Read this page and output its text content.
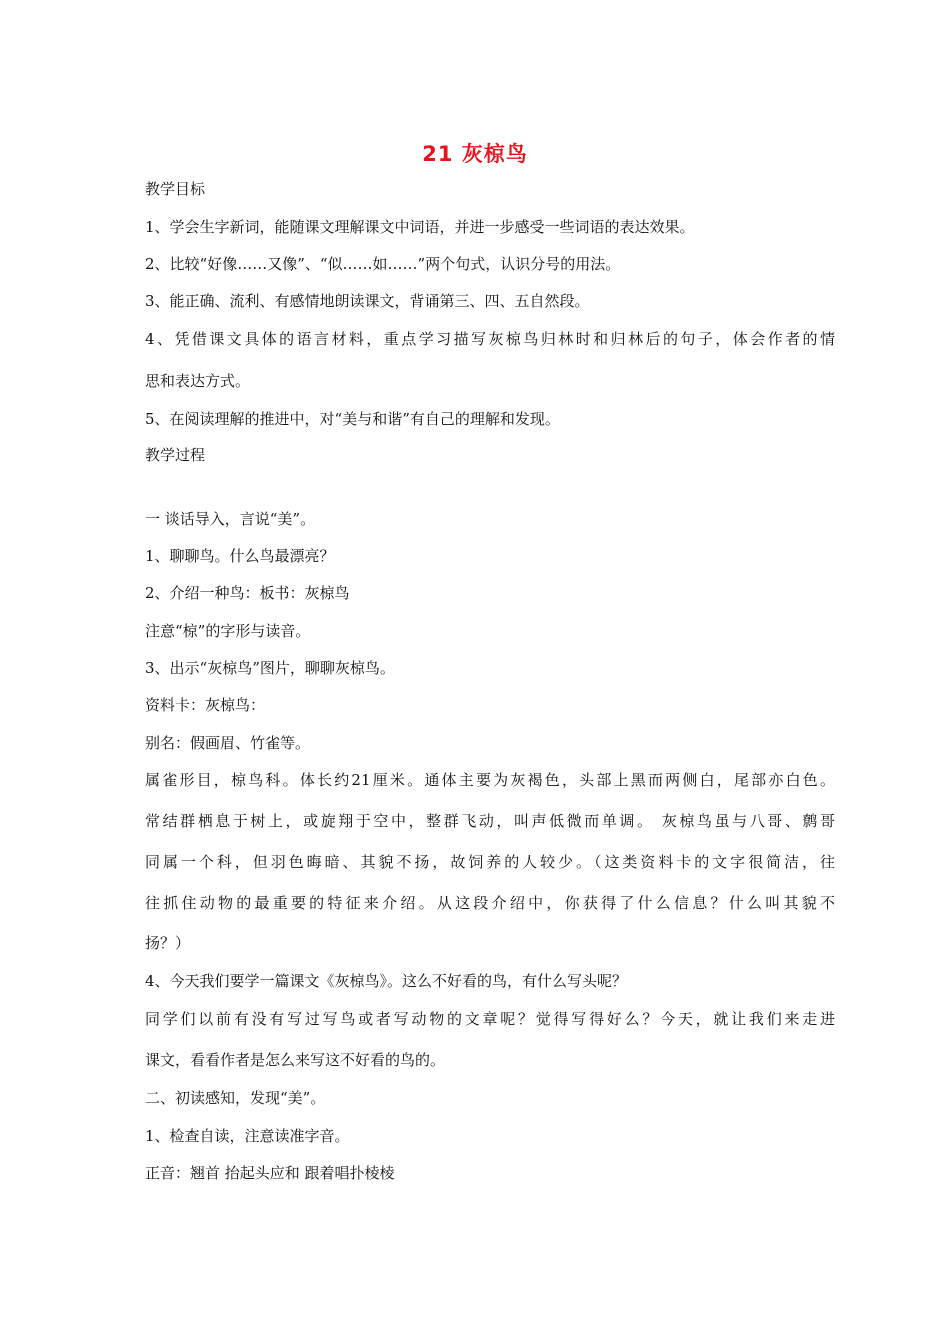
21 灰椋鸟
教学目标
1、学会生字新词，能随课文理解课文中词语，并进一步感受一些词语的表达效果。
2、比较“好像……又像”、“似……如……”两个句式，认识分号的用法。
3、能正确、流利、有感情地朗读课文，背诵第三、四、五自然段。
4、凭借课文具体的语言材料，重点学习描写灰椋鸟归林时和归林后的句子，体会作者的情
思和表达方式。
5、在阅读理解的推进中，对“美与和谐”有自己的理解和发现。
教学过程
一 谈话导入，言说“美”。
1、聊聊鸟。什么鸟最漂亮？
2、介绍一种鸟：板书：灰椋鸟
注意“椋”的字形与读音。
3、出示“灰椋鸟”图片，聊聊灰椋鸟。
资料卡：灰椋鸟：
别名：假画眉、竹雀等。
属雀形目，椋鸟科。体长约21厘米。通体主要为灰褐色，头部上黑而两侧白，尾部亦白色。
常结群栖息于树上，或旋翔于空中，整群飞动，叫声低微而单调。 灰椋鸟虽与八哥、鹩哥
同属一个科，但羽色晦暗、其貌不扬，故饲养的人较少。（这类资料卡的文字很简洁，往
往抓住动物的最重要的特征来介绍。从这段介绍中，你获得了什么信息？什么叫其貌不
扬？）
4、今天我们要学一篇课文《灰椋鸟》。这么不好看的鸟，有什么写头呢？
同学们以前有没有写过写鸟或者写动物的文章呢？觉得写得好么？今天，就让我们来走进
课文，看看作者是怎么来写这不好看的鸟的。
二、初读感知，发现“美”。
1、检查自读，注意读准字音。
正音：翘首 抬起头应和 跟着唱扑棱棱
